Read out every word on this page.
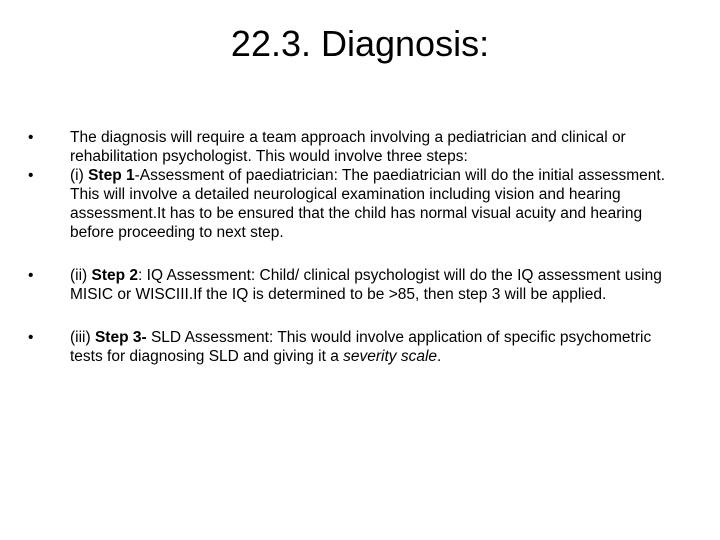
22.3. Diagnosis:
•	The diagnosis will require a team approach involving a pediatrician and clinical or rehabilitation psychologist. This would involve three steps:
•	(i) Step 1-Assessment of paediatrician: The paediatrician will do the initial assessment. This will involve a detailed neurological examination including vision and hearing assessment.It has to be ensured that the child has normal visual acuity and hearing before proceeding to next step.
•	(ii) Step 2: IQ Assessment: Child/ clinical psychologist will do the IQ assessment using MISIC or WISCIII.If the IQ is determined to be >85, then step 3 will be applied.
•	(iii) Step 3- SLD Assessment: This would involve application of specific psychometric tests for diagnosing SLD and giving it a severity scale.
